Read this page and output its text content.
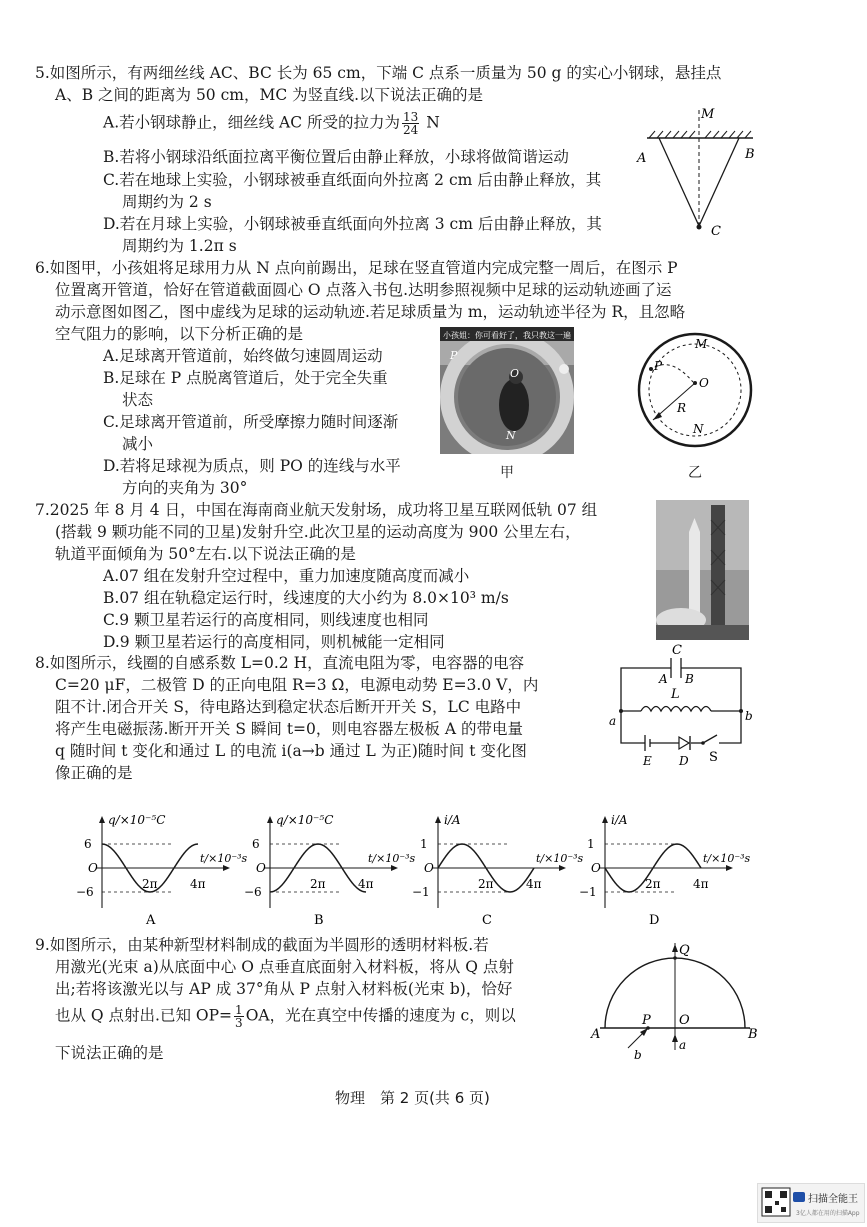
5.如图所示，有两细丝线 AC、BC 长为 65 cm，下端 C 点系一质量为 50 g 的实心小钢球，悬挂点
A、B 之间的距离为 50 cm，MC 为竖直线.以下说法正确的是
A.若小钢球静止，细丝线 AC 所受的拉力为 $\frac{13}{24}$ N
B.若将小钢球沿纸面拉离平衡位置后由静止释放，小球将做简谐运动
C.若在地球上实验，小钢球被垂直纸面向外拉离 2 cm 后由静止释放，其
周期约为 2 s
D.若在月球上实验，小钢球被垂直纸面向外拉离 3 cm 后由静止释放，其
周期约为 1.2π s
M
A	B
C
6.如图甲，小孩姐将足球用力从 N 点向前踢出，足球在竖直管道内完成完整一周后，在图示 P
位置离开管道，恰好在管道截面圆心 O 点落入书包.达明参照视频中足球的运动轨迹画了运
动示意图如图乙，图中虚线为足球的运动轨迹.若足球质量为 m，运动轨迹半径为 R，且忽略
空气阻力的影响，以下分析正确的是
A.足球离开管道前，始终做匀速圆周运动
B.足球在 P 点脱离管道后，处于完全失重
状态
C.足球离开管道前，所受摩擦力随时间逐渐
减小
D.若将足球视为质点，则 PO 的连线与水平
方向的夹角为 30°
小孩姐：你可看好了，我只教这一遍
P
O
N
甲
M
P
O
R
N
乙
7.2025 年 8 月 4 日，中国在海南商业航天发射场，成功将卫星互联网低轨 07 组
(搭载 9 颗功能不同的卫星)发射升空.此次卫星的运动高度为 900 公里左右，
轨道平面倾角为 50°左右.以下说法正确的是
A.07 组在发射升空过程中，重力加速度随高度而减小
B.07 组在轨稳定运行时，线速度的大小约为 8.0×10³ m/s
C.9 颗卫星若运行的高度相同，则线速度也相同
D.9 颗卫星若运行的高度相同，则机械能一定相同
8.如图所示，线圈的自感系数 L=0.2 H，直流电阻为零，电容器的电容
C=20 μF，二极管 D 的正向电阻 R=3 Ω，电源电动势 E=3.0 V，内
阻不计.闭合开关 S，待电路达到稳定状态后断开开关 S，LC 电路中
将产生电磁振荡.断开开关 S 瞬间 t=0，则电容器左极板 A 的带电量
q 随时间 t 变化和通过 L 的电流 i(a→b 通过 L 为正)随时间 t 变化图
像正确的是
C
A B
L
a	b
E D S
q/×10⁻⁵C
6
−6
O
2π	4π
t/×10⁻³s
A
q/×10⁻⁵C
6
−6
O
2π	4π
t/×10⁻³s
B
i/A
1
−1
O
2π	4π
t/×10⁻³s
C
i/A
1
−1
O
2π	4π
t/×10⁻³s
D
9.如图所示，由某种新型材料制成的截面为半圆形的透明材料板.若
用激光(光束 a)从底面中心 O 点垂直底面射入材料板，将从 Q 点射
出;若将该激光以与 AP 成 37°角从 P 点射入材料板(光束 b)，恰好
也从 Q 点射出.已知 $OP= \frac{1}{3}$ OA，光在真空中传播的速度为 c，则以
下说法正确的是
Q
A
P O
B
a
b
物理　第 2 页(共 6 页)
扫描全能王
3亿人都在用的扫描App
